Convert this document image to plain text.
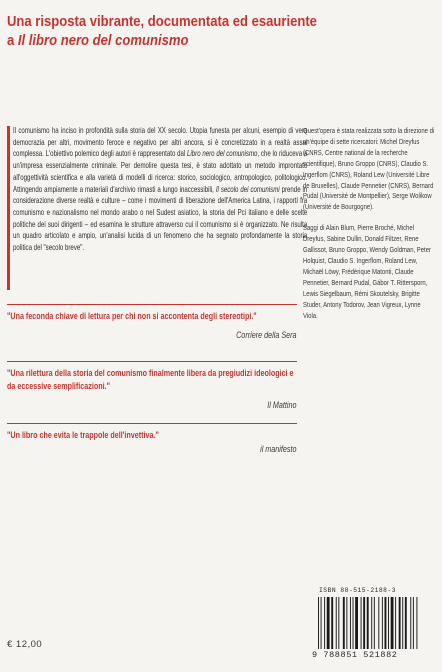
Una risposta vibrante, documentata ed esauriente
a Il libro nero del comunismo
Il comunismo ha inciso in profondità sulla storia del XX secolo. Utopia funesta per alcuni, esempio di vera democrazia per altri, movimento feroce e negativo per altri ancora, si è concretizzato in a realtà assai complessa. L'obiettivo polemico degli autori è rappresentato dal Libro nero del comunismo, che lo riduceva a un'impresa essenzialmente criminale. Per demolire questa tesi, è stato adottato un metodo improntato all'oggettività scientifica e alla varietà di modelli di ricerca: storico, sociologico, antropologico, politologico. Attingendo ampiamente a materiali d'archivio rimasti a lungo inaccessibili, Il secolo dei comunismi prende in considerazione diverse realtà e culture – come i movimenti di liberazione dell'America Latina, i rapporti fra comunismo e nazionalismo nel mondo arabo o nel Sudest asiatico, la storia del Pci italiano e delle scelte politiche dei suoi dirigenti – ed esamina le strutture attraverso cui il comunismo si è organizzato. Ne risulta un quadro articolato e ampio, un'analisi lucida di un fenomeno che ha segnato profondamente la storia politica del "secolo breve".
"Una feconda chiave di lettura per chi non si accontenta degli stereotipi."
Corriere della Sera
"Una rilettura della storia del comunismo finalmente libera da pregiudizi ideologici e da eccessive semplificazioni."
Il Mattino
"Un libro che evita le trappole dell'invettiva."
il manifesto

Quest'opera è stata realizzata sotto la direzione di un'équipe di sette ricercatori: Michel Dreyfus (CNRS, Centre national de la recherche scientifique), Bruno Groppo (CNRS), Claudio S. Ingerflom (CNRS), Roland Lew (Université Libre de Bruxelles), Claude Pennetier (CNRS), Bernard Pudal (Université de Montpellier), Serge Wolikow (Université de Bourgogne).

Saggi di Alain Blum, Pierre Broché, Michel Dreyfus, Sabine Dullin, Donald Filtzer, Rene Gallissot, Bruno Groppo, Wendy Goldman, Peter Holquist, Claudio S. Ingerflom, Roland Lew, Michaël Löwy, Frédérique Matonti, Claude Pennetier, Bernard Pudal, Gábor T. Rittersporn, Lewis Siegelbaum, Rémi Skoutelsky, Brigitte Studer, Antony Todorov, Jean Vigreux, Lynne Viola.

ISBN 88-515-2188-3
9 788851 521882
€ 12,00
